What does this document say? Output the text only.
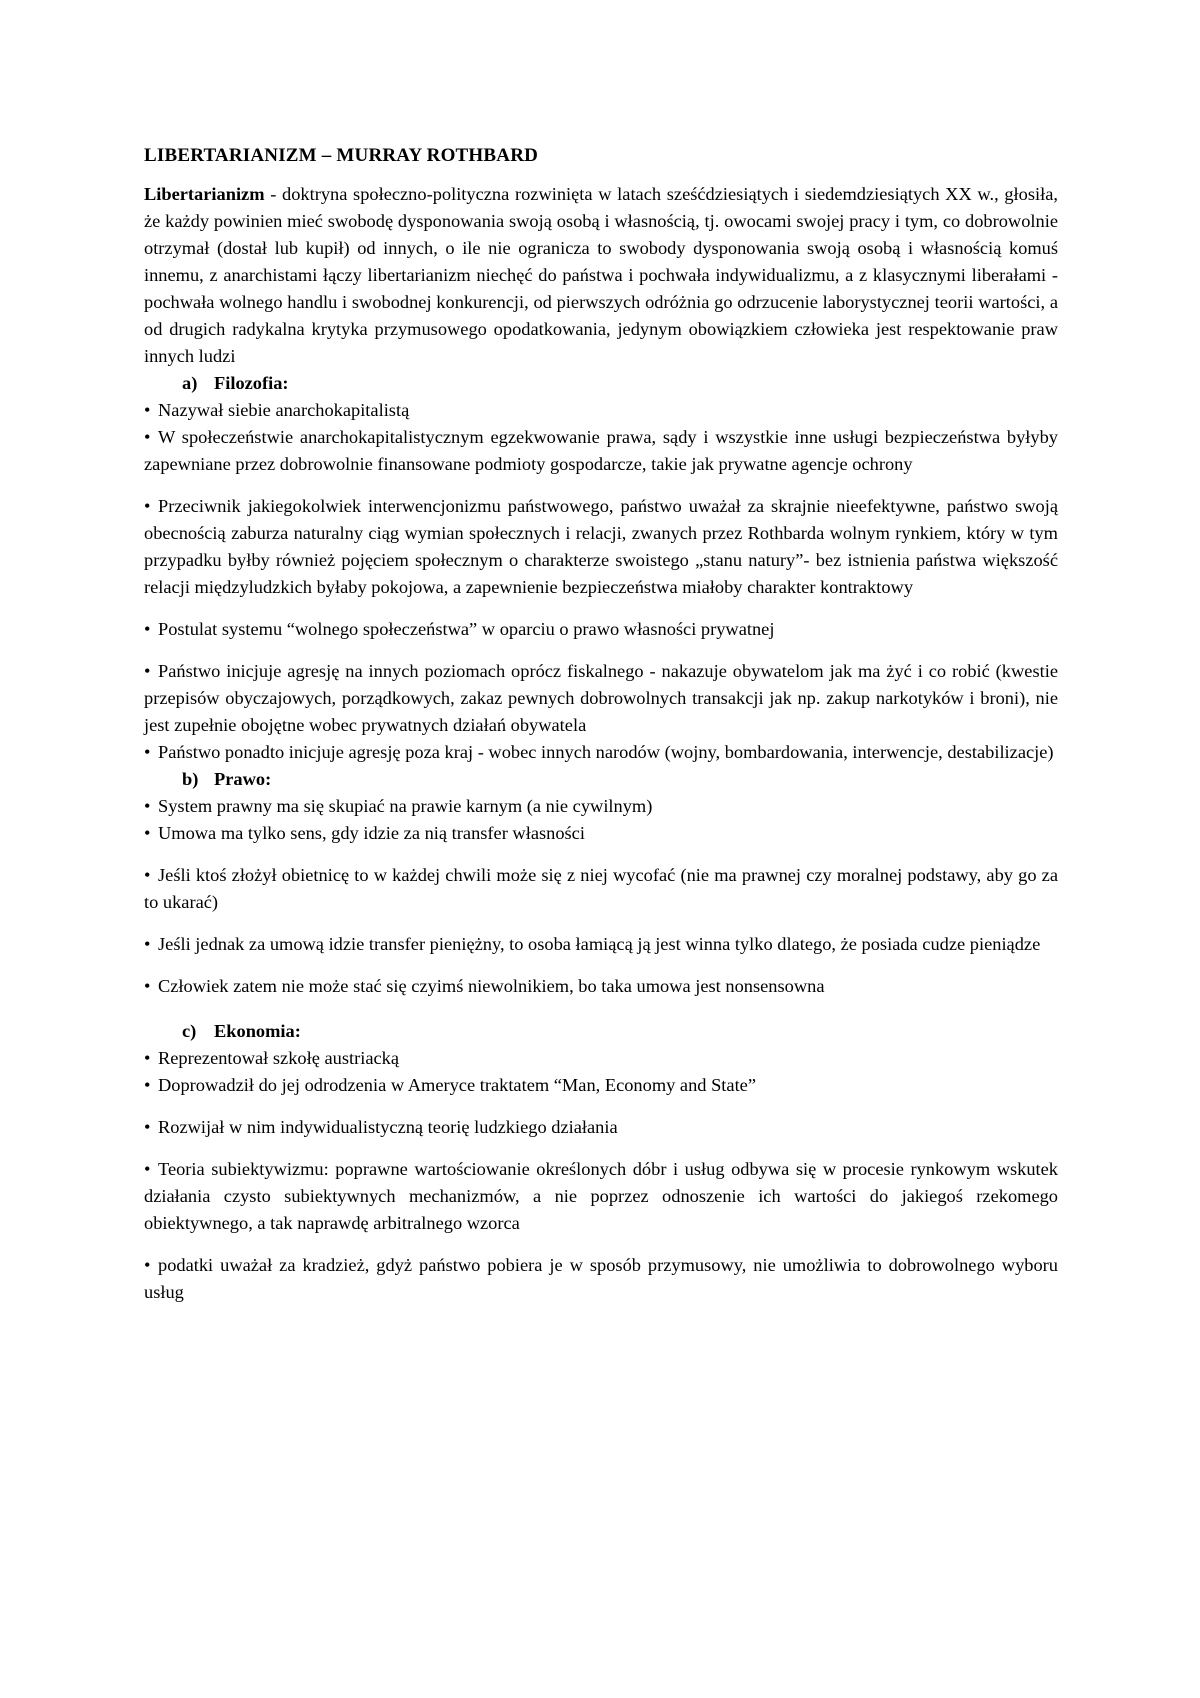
LIBERTARIANIZM – MURRAY ROTHBARD

Libertarianizm - doktryna społeczno-polityczna rozwinięta w latach sześćdziesiątych i siedemdziesiątych XX w., głosiła, że każdy powinien mieć swobodę dysponowania swoją osobą i własnością, tj. owocami swojej pracy i tym, co dobrowolnie otrzymał (dostał lub kupił) od innych, o ile nie ogranicza to swobody dysponowania swoją osobą i własnością komuś innemu, z anarchistami łączy libertarianizm niechęć do państwa i pochwała indywidualizmu, a z klasycznymi liberałami - pochwała wolnego handlu i swobodnej konkurencji, od pierwszych odróżnia go odrzucenie laborystycznej teorii wartości, a od drugich radykalna krytyka przymusowego opodatkowania, jedynym obowiązkiem człowieka jest respektowanie praw innych ludzi

a) Filozofia:

• Nazywał siebie anarchokapitalistą

• W społeczeństwie anarchokapitalistycznym egzekwowanie prawa, sądy i wszystkie inne usługi bezpieczeństwa byłyby zapewniane przez dobrowolnie finansowane podmioty gospodarcze, takie jak prywatne agencje ochrony

• Przeciwnik jakiegokolwiek interwencjonizmu państwowego, państwo uważał za skrajnie nieefektywne, państwo swoją obecnością zaburza naturalny ciąg wymian społecznych i relacji, zwanych przez Rothbarda wolnym rynkiem, który w tym przypadku byłby również pojęciem społecznym o charakterze swoistego „stanu natury”- bez istnienia państwa większość relacji międzyludzkich byłaby pokojowa, a zapewnienie bezpieczeństwa miałoby charakter kontraktowy

• Postulat systemu “wolnego społeczeństwa” w oparciu o prawo własności prywatnej

• Państwo inicjuje agresję na innych poziomach oprócz fiskalnego - nakazuje obywatelom jak ma żyć i co robić (kwestie przepisów obyczajowych, porządkowych, zakaz pewnych dobrowolnych transakcji jak np. zakup narkotyków i broni), nie jest zupełnie obojętne wobec prywatnych działań obywatela

• Państwo ponadto inicjuje agresję poza kraj - wobec innych narodów (wojny, bombardowania, interwencje, destabilizacje)

b) Prawo:

• System prawny ma się skupiać na prawie karnym (a nie cywilnym)

• Umowa ma tylko sens, gdy idzie za nią transfer własności

• Jeśli ktoś złożył obietnicę to w każdej chwili może się z niej wycofać (nie ma prawnej czy moralnej podstawy, aby go za to ukarać)

• Jeśli jednak za umową idzie transfer pieniężny, to osoba łamiącą ją jest winna tylko dlatego, że posiada cudze pieniądze

• Człowiek zatem nie może stać się czyimś niewolnikiem, bo taka umowa jest nonsensowna

c) Ekonomia:

• Reprezentował szkołę austriacką

• Doprowadził do jej odrodzenia w Ameryce traktatem “Man, Economy and State”

• Rozwijał w nim indywidualistyczną teorię ludzkiego działania

• Teoria subiektywizmu: poprawne wartościowanie określonych dóbr i usług odbywa się w procesie rynkowym wskutek działania czysto subiektywnych mechanizmów, a nie poprzez odnoszenie ich wartości do jakiegoś rzekomego obiektywnego, a tak naprawdę arbitralnego wzorca

• podatki uważał za kradzież, gdyż państwo pobiera je w sposób przymusowy, nie umożliwia to dobrowolnego wyboru usług
